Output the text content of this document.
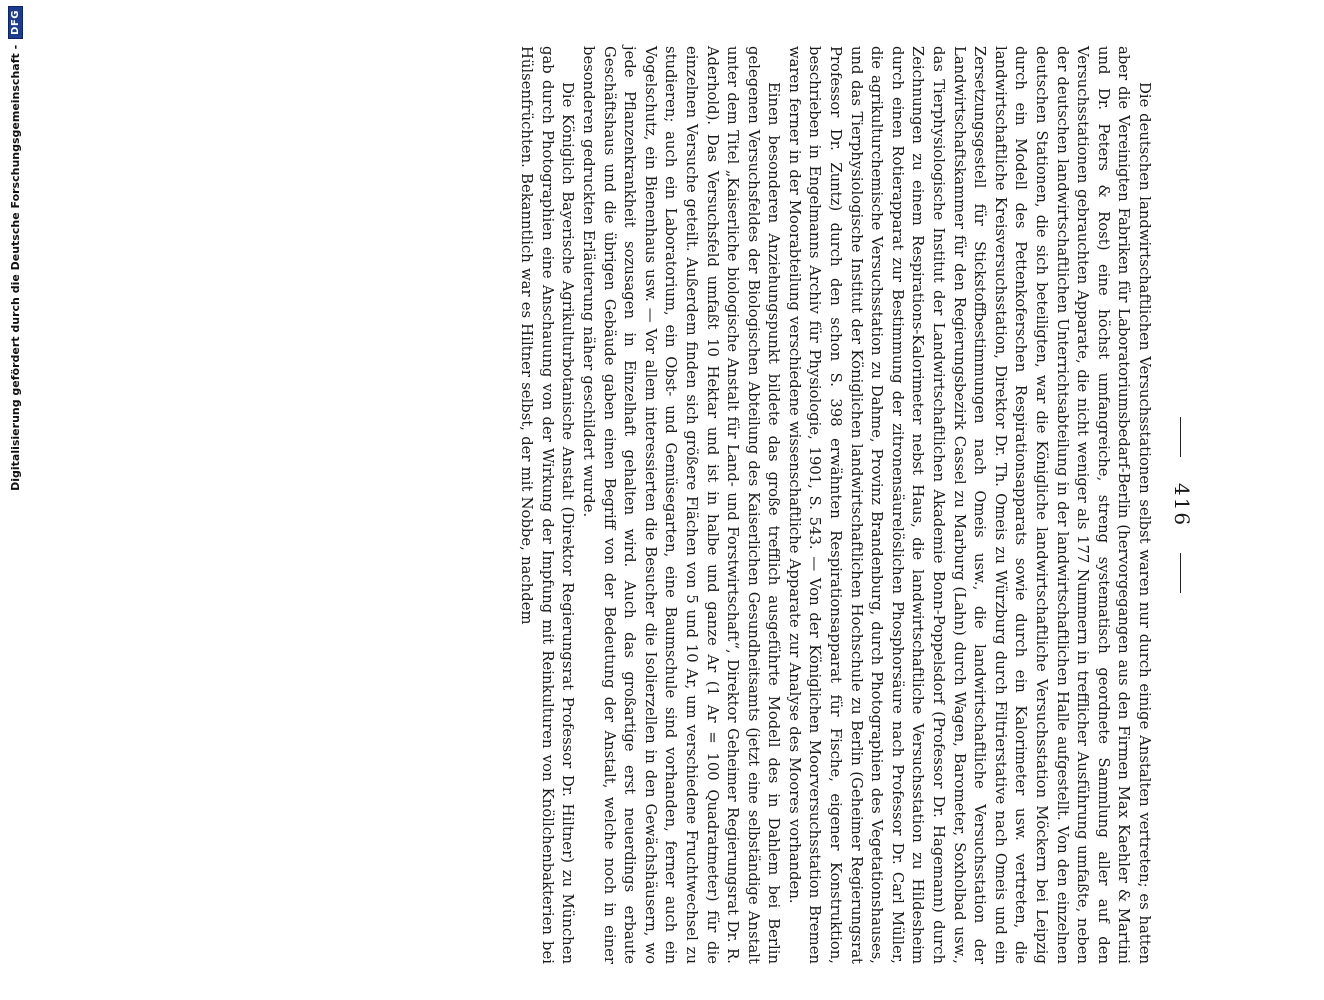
Digitalisierung gefördert durch die Deutsche Forschungsgemeinschaft -
DFG
416

Die deutschen landwirtschaftlichen Versuchsstationen selbst waren nur durch einige Anstalten vertreten; es hatten aber die Vereinigten Fabriken für Laboratoriumsbedarf-Berlin (hervorgegangen aus den Firmen Max Kaehler & Martini und Dr. Peters & Rost) eine höchst umfangreiche, streng systematisch geordnete Sammlung aller auf den Versuchsstationen gebrauchten Apparate, die nicht weniger als 177 Nummern in trefflicher Ausführung umfaßte, neben der deutschen landwirtschaftlichen Unterrichtsabteilung in der landwirtschaftlichen Halle aufgestellt. Von den einzelnen deutschen Stationen, die sich beteiligten, war die Königliche landwirtschaftliche Versuchsstation Möckern bei Leipzig durch ein Modell des Pettenkoferschen Respirationsapparats sowie durch ein Kalorimeter usw. vertreten, die landwirtschaftliche Kreisversuchsstation, Direktor Dr. Th. Omeis zu Würzburg durch Filtrierstative nach Omeis und ein Zersetzungsgestell für Stickstoffbestimmungen nach Omeis usw., die landwirtschaftliche Versuchsstation der Landwirtschaftskammer für den Regierungsbezirk Cassel zu Marburg (Lahn) durch Wagen, Barometer, Soxholbad usw., das Tierphysiologische Institut der Landwirtschaftlichen Akademie Bonn-Poppelsdorf (Professor Dr. Hagemann) durch Zeichnungen zu einem Respirations-Kalorimeter nebst Haus, die landwirtschaftliche Versuchsstation zu Hildesheim durch einen Rotierapparat zur Bestimmung der zitronensäurelöslichen Phosphorsäure nach Professor Dr. Carl Müller, die agrikulturchemische Versuchsstation zu Dahme, Provinz Brandenburg, durch Photographien des Vegetationshauses, und das Tierphysiologische Institut der Königlichen landwirtschaftlichen Hochschule zu Berlin (Geheimer Regierungsrat Professor Dr. Zuntz) durch den schon S. 398 erwähnten Respirationsapparat für Fische, eigener Konstruktion, beschrieben in Engelmanns Archiv für Physiologie, 1901, S. 543. — Von der Königlichen Moorversuchsstation Bremen waren ferner in der Moorabteilung verschiedene wissenschaftliche Apparate zur Analyse des Moores vorhanden.

Einen besonderen Anziehungspunkt bildete das große trefflich ausgeführte Modell des in Dahlem bei Berlin gelegenen Versuchsfeldes der Biologischen Abteilung des Kaiserlichen Gesundheitsamts (jetzt eine selbständige Anstalt unter dem Titel „Kaiserliche biologische Anstalt für Land- und Forstwirtschaft“, Direktor Geheimer Regierungsrat Dr. R. Aderhold). Das Versuchsfeld umfaßt 10 Hektar und ist in halbe und ganze Ar (1 Ar = 100 Quadratmeter) für die einzelnen Versuche geteilt. Außerdem finden sich größere Flächen von 5 und 10 Ar, um verschiedene Fruchtwechsel zu studieren; auch ein Laboratorium, ein Obst- und Gemüsegarten, eine Baumschule sind vorhanden, ferner auch ein Vogelschutz, ein Bienenhaus usw. — Vor allem interessierten die Besucher die Isolierzellen in den Gewächshäusern, wo jede Pflanzenkrankheit sozusagen in Einzelhaft gehalten wird. Auch das großartige erst neuerdings erbaute Geschäftshaus und die übrigen Gebäude gaben einen Begriff von der Bedeutung der Anstalt, welche noch in einer besonderen gedruckten Erläuterung näher geschildert wurde.

Die Königlich Bayerische Agrikulturbotanische Anstalt (Direktor Regierungsrat Professor Dr. Hiltner) zu München gab durch Photographien eine Anschauung von der Wirkung der Impfung mit Reinkulturen von Knöllchenbakterien bei Hülsenfrüchten. Bekanntlich war es Hiltner selbst, der mit Nobbe, nachdem
